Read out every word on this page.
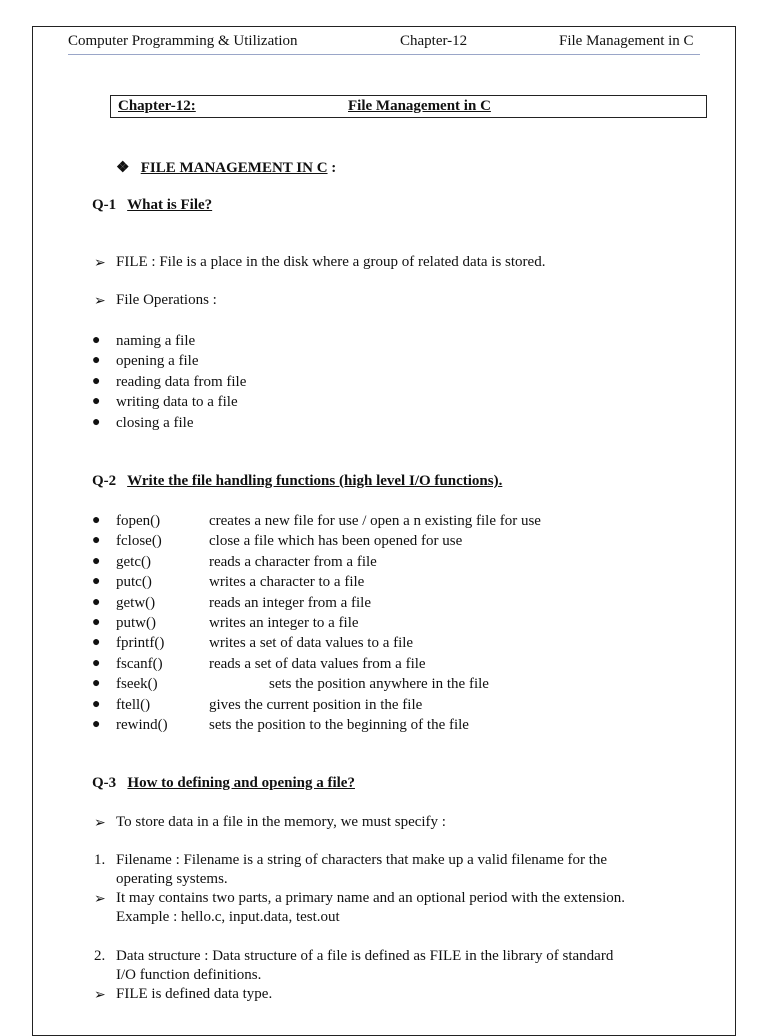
Computer Programming & Utilization	Chapter-12	File Management in C
Chapter-12:	File Management in C
❖ FILE MANAGEMENT IN C :
Q-1 What is File?
➢ FILE : File is a place in the disk where a group of related data is stored.
➢ File Operations :
● naming a file
● opening a file
● reading data from file
● writing data to a file
● closing a file
Q-2 Write the file handling functions (high level I/O functions).
● fopen()	creates a new file for use / open a n existing file for use
● fclose()	close a file which has been opened for use
● getc()	reads a character from a file
● putc()	writes a character to a file
● getw()	reads an integer from a file
● putw()	writes an integer to a file
● fprintf()	writes a set of data values to a file
● fscanf()	reads a set of data values from a file
● fseek()	sets the position anywhere in the file
● ftell()	gives the current position in the file
● rewind()	sets the position to the beginning of the file
Q-3 How to defining and opening a file?
➢ To store data in a file in the memory, we must specify :
1. Filename : Filename is a string of characters that make up a valid filename for the
operating systems.
➢ It may contains two parts, a primary name and an optional period with the extension.
Example : hello.c, input.data, test.out
2. Data structure : Data structure of a file is defined as FILE in the library of standard
I/O function definitions.
➢ FILE is defined data type.
